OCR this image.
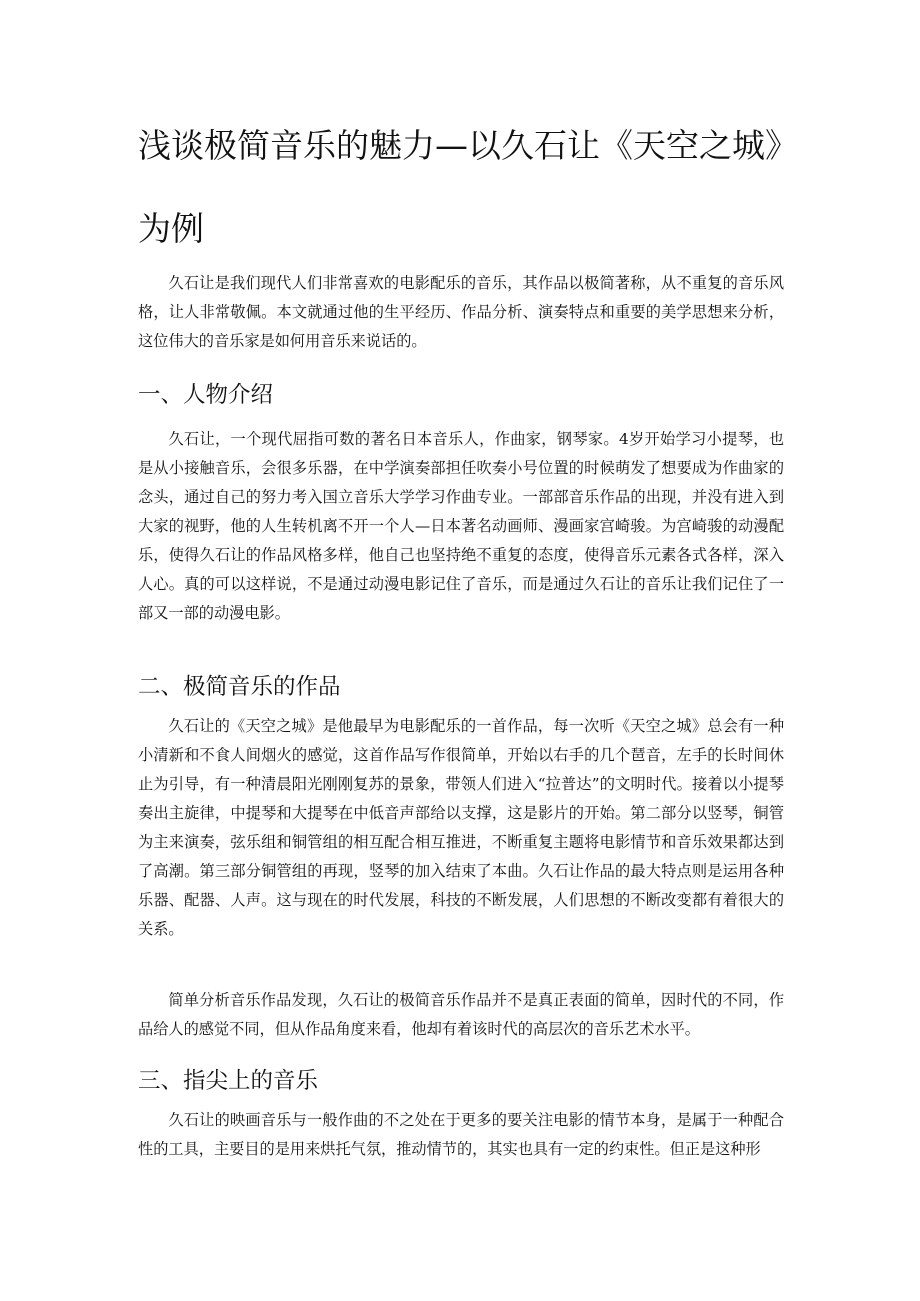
浅谈极简音乐的魅力—以久石让《天空之城》
为例

久石让是我们现代人们非常喜欢的电影配乐的音乐，其作品以极简著称，从不重复的音乐风格，让人非常敬佩。本文就通过他的生平经历、作品分析、演奏特点和重要的美学思想来分析，这位伟大的音乐家是如何用音乐来说话的。

一、人物介绍

久石让，一个现代屈指可数的著名日本音乐人，作曲家，钢琴家。4岁开始学习小提琴，也是从小接触音乐，会很多乐器，在中学演奏部担任吹奏小号位置的时候萌发了想要成为作曲家的念头，通过自己的努力考入国立音乐大学学习作曲专业。一部部音乐作品的出现，并没有进入到大家的视野，他的人生转机离不开一个人—日本著名动画师、漫画家宫崎骏。为宫崎骏的动漫配乐，使得久石让的作品风格多样，他自己也坚持绝不重复的态度，使得音乐元素各式各样，深入人心。真的可以这样说，不是通过动漫电影记住了音乐，而是通过久石让的音乐让我们记住了一部又一部的动漫电影。

二、极简音乐的作品

久石让的《天空之城》是他最早为电影配乐的一首作品，每一次听《天空之城》总会有一种小清新和不食人间烟火的感觉，这首作品写作很简单，开始以右手的几个琶音，左手的长时间休止为引导，有一种清晨阳光刚刚复苏的景象，带领人们进入“拉普达”的文明时代。接着以小提琴奏出主旋律，中提琴和大提琴在中低音声部给以支撑，这是影片的开始。第二部分以竖琴，铜管为主来演奏，弦乐组和铜管组的相互配合相互推进，不断重复主题将电影情节和音乐效果都达到了高潮。第三部分铜管组的再现，竖琴的加入结束了本曲。久石让作品的最大特点则是运用各种乐器、配器、人声。这与现在的时代发展，科技的不断发展，人们思想的不断改变都有着很大的关系。

简单分析音乐作品发现，久石让的极简音乐作品并不是真正表面的简单，因时代的不同，作品给人的感觉不同，但从作品角度来看，他却有着该时代的高层次的音乐艺术水平。

三、指尖上的音乐

久石让的映画音乐与一般作曲的不之处在于更多的要关注电影的情节本身，是属于一种配合性的工具，主要目的是用来烘托气氛，推动情节的，其实也具有一定的约束性。但正是这种形
